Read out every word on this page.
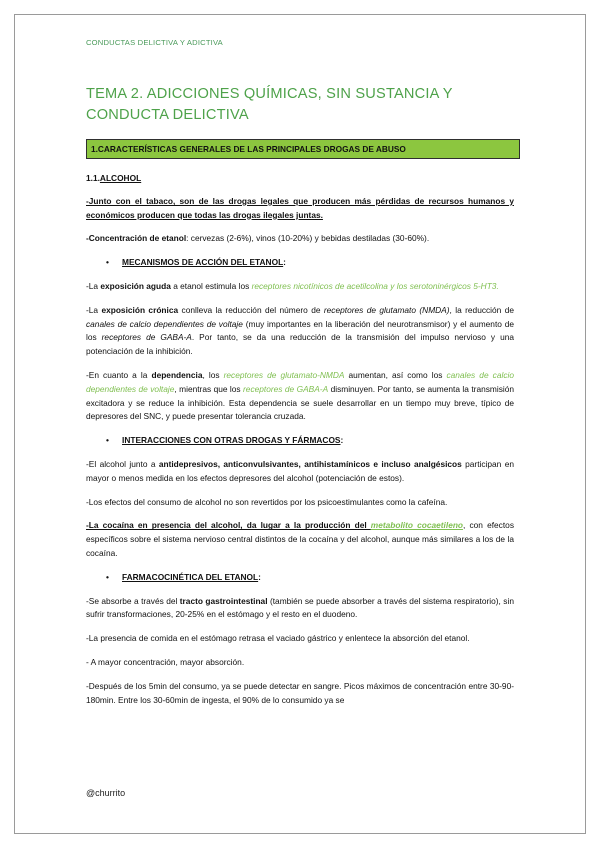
CONDUCTAS DELICTIVA Y ADICTIVA
TEMA 2. ADICCIONES QUÍMICAS, SIN SUSTANCIA Y CONDUCTA DELICTIVA
1.CARACTERÍSTICAS GENERALES DE LAS PRINCIPALES DROGAS DE ABUSO

1.1.ALCOHOL

-Junto con el tabaco, son de las drogas legales que producen más pérdidas de recursos humanos y económicos producen que todas las drogas ilegales juntas.

-Concentración de etanol: cervezas (2-6%), vinos (10-20%) y bebidas destiladas (30-60%).

• MECANISMOS DE ACCIÓN DEL ETANOL:

-La exposición aguda a etanol estimula los receptores nicotínicos de acetilcolina y los serotoninérgicos 5-HT3.

-La exposición crónica conlleva la reducción del número de receptores de glutamato (NMDA), la reducción de canales de calcio dependientes de voltaje (muy importantes en la liberación del neurotransmisor) y el aumento de los receptores de GABA-A. Por tanto, se da una reducción de la transmisión del impulso nervioso y una potenciación de la inhibición.

-En cuanto a la dependencia, los receptores de glutamato-NMDA aumentan, así como los canales de calcio dependientes de voltaje, mientras que los receptores de GABA-A disminuyen. Por tanto, se aumenta la transmisión excitadora y se reduce la inhibición. Esta dependencia se suele desarrollar en un tiempo muy breve, típico de depresores del SNC, y puede presentar tolerancia cruzada.

• INTERACCIONES CON OTRAS DROGAS Y FÁRMACOS:

-El alcohol junto a antidepresivos, anticonvulsivantes, antihistamínicos e incluso analgésicos participan en mayor o menos medida en los efectos depresores del alcohol (potenciación de estos).

-Los efectos del consumo de alcohol no son revertidos por los psicoestimulantes como la cafeína.

-La cocaína en presencia del alcohol, da lugar a la producción del metabolito cocaetileno, con efectos específicos sobre el sistema nervioso central distintos de la cocaína y del alcohol, aunque más similares a los de la cocaína.

• FARMACOCINÉTICA DEL ETANOL:

-Se absorbe a través del tracto gastrointestinal (también se puede absorber a través del sistema respiratorio), sin sufrir transformaciones, 20-25% en el estómago y el resto en el duodeno.

-La presencia de comida en el estómago retrasa el vaciado gástrico y enlentece la absorción del etanol.

- A mayor concentración, mayor absorción.

-Después de los 5min del consumo, ya se puede detectar en sangre. Picos máximos de concentración entre 30-90-180min. Entre los 30-60min de ingesta, el 90% de lo consumido ya se

@churrito
